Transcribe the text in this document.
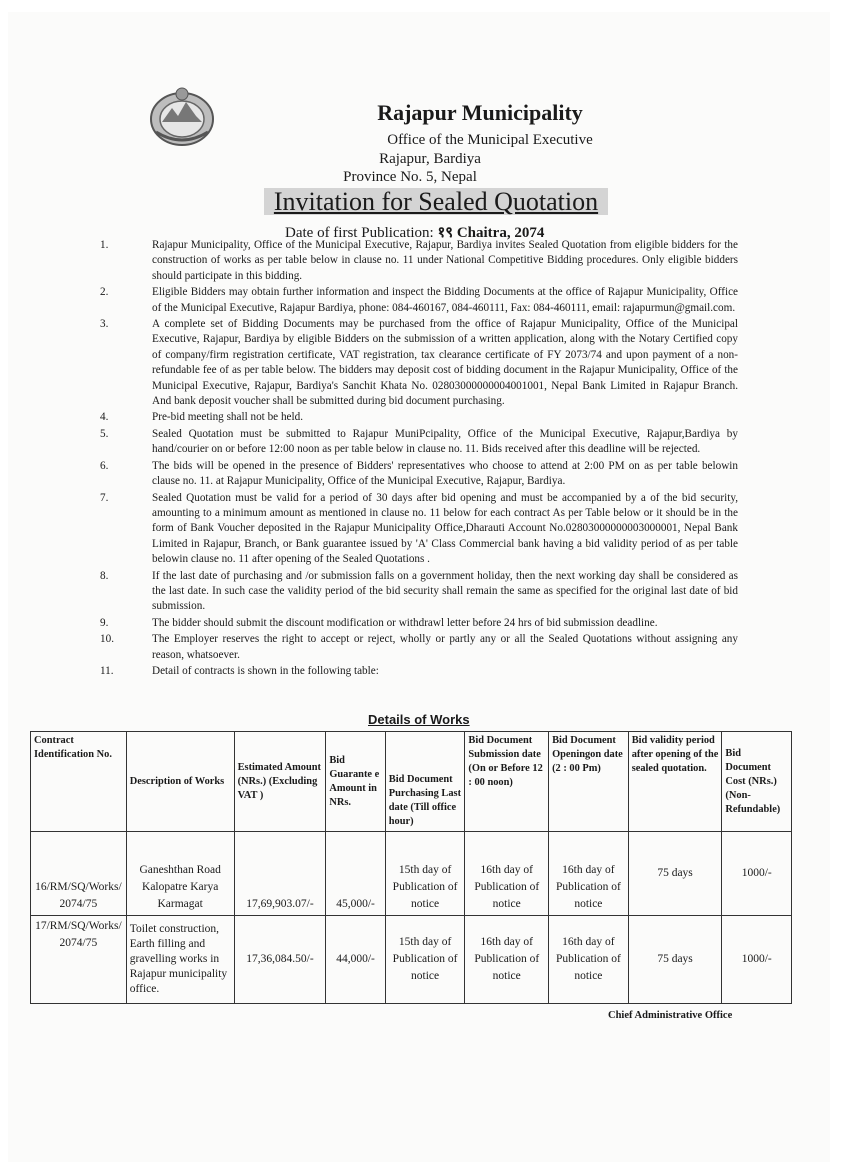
Rajapur Municipality
Office of the Municipal Executive
Rajapur, Bardiya
Province No. 5, Nepal
Invitation for Sealed Quotation
Date of first Publication: १९ Chaitra, 2074
1.	Rajapur Municipality, Office of the Municipal Executive, Rajapur, Bardiya invites Sealed Quotation from eligible bidders for the construction of works as per table below in clause no. 11 under National Competitive Bidding procedures. Only eligible bidders should participate in this bidding.
2.	Eligible Bidders may obtain further information and inspect the Bidding Documents at the office of Rajapur Municipality, Office of the Municipal Executive, Rajapur Bardiya, phone: 084-460167, 084-460111, Fax: 084-460111, email: rajapurmun@gmail.com.
3.	A complete set of Bidding Documents may be purchased from the office of Rajapur Municipality, Office of the Municipal Executive, Rajapur, Bardiya by eligible Bidders on the submission of a written application, along with the Notary Certified copy of company/firm registration certificate, VAT registration, tax clearance certificate of FY 2073/74 and upon payment of a non-refundable fee of as per table below. The bidders may deposit cost of bidding document in the Rajapur Municipality, Office of the Municipal Executive, Rajapur, Bardiya's Sanchit Khata No. 02803000000004001001, Nepal Bank Limited in Rajapur Branch. And bank deposit voucher shall be submitted during bid document purchasing.
4.	Pre-bid meeting shall not be held.
5.	Sealed Quotation must be submitted to Rajapur MuniPcipality, Office of the Municipal Executive, Rajapur,Bardiya by hand/courier on or before 12:00 noon as per table below in clause no. 11. Bids received after this deadline will be rejected.
6.	The bids will be opened in the presence of Bidders' representatives who choose to attend at 2:00 PM on as per table belowin clause no. 11. at Rajapur Municipality, Office of the Municipal Executive, Rajapur, Bardiya.
7.	Sealed Quotation must be valid for a period of 30 days after bid opening and must be accompanied by a of the bid security, amounting to a minimum amount as mentioned in clause no. 11 below for each contract As per Table below or it should be in the form of Bank Voucher deposited in the Rajapur Municipality Office,Dharauti Account No.02803000000003000001, Nepal Bank Limited in Rajapur, Branch, or Bank guarantee issued by 'A' Class Commercial bank having a bid validity period of as per table belowin clause no. 11 after opening of the Sealed Quotations .
8.	If the last date of purchasing and /or submission falls on a government holiday, then the next working day shall be considered as the last date. In such case the validity period of the bid security shall remain the same as specified for the original last date of bid submission.
9.	The bidder should submit the discount modification or withdrawl letter before 24 hrs of bid submission deadline.
10.	The Employer reserves the right to accept or reject, wholly or partly any or all the Sealed Quotations without assigning any reason, whatsoever.
11.	Detail of contracts is shown in the following table:
Details of Works
Contract Identification No.	Description of Works	Estimated Amount (NRs.) (Excluding VAT )	Bid Guarante e Amount in NRs.	Bid Document Purchasing Last date (Till office hour)	Bid Document Submission date (On or Before 12 : 00 noon)	Bid Document Openingon date (2 : 00 Pm)	Bid validity period after opening of the sealed quotation.	Bid Document Cost (NRs.) (Non-Refundable)
16/RM/SQ/Works/2074/75	Ganeshthan Road Kalopatre Karya Karmagat	17,69,903.07/-	45,000/-	15th day of Publication of notice	16th day of Publication of notice	16th day of Publication of notice	75 days	1000/-
17/RM/SQ/Works/2074/75	Toilet construction, Earth filling and gravelling works in Rajapur municipality office.	17,36,084.50/-	44,000/-	15th day of Publication of notice	16th day of Publication of notice	16th day of Publication of notice	75 days	1000/-
Chief Administrative Office
